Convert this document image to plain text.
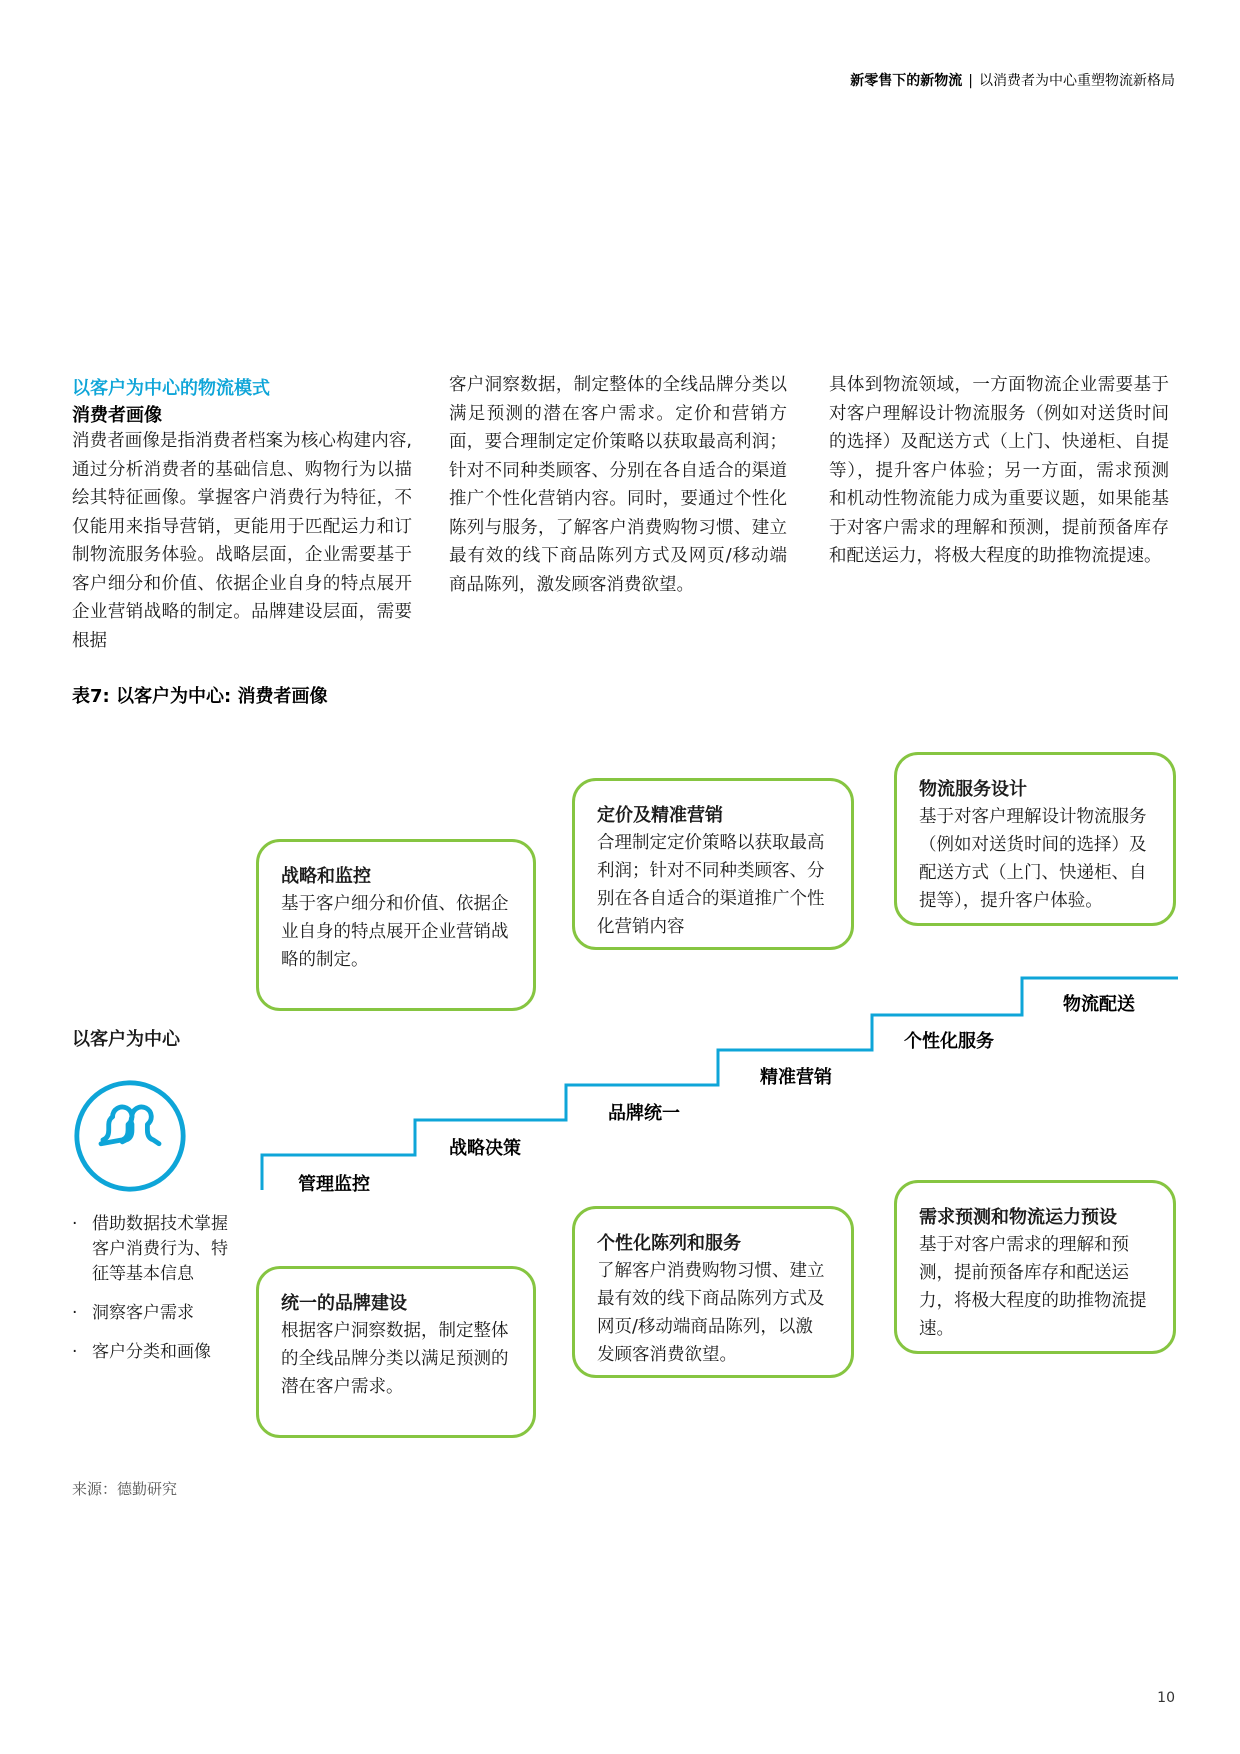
新零售下的新物流 | 以消费者为中心重塑物流新格局
以客户为中心的物流模式
消费者画像

消费者画像是指消费者档案为核心构建内容,通过分析消费者的基础信息、购物行为以描绘其特征画像。掌握客户消费行为特征，不仅能用来指导营销，更能用于匹配运力和订制物流服务体验。战略层面，企业需要基于客户细分和价值、依据企业自身的特点展开企业营销战略的制定。品牌建设层面，需要根据

客户洞察数据，制定整体的全线品牌分类以满足预测的潜在客户需求。定价和营销方面，要合理制定定价策略以获取最高利润；针对不同种类顾客、分别在各自适合的渠道推广个性化营销内容。同时，要通过个性化陈列与服务，了解客户消费购物习惯、建立最有效的线下商品陈列方式及网页/移动端商品陈列，激发顾客消费欲望。

具体到物流领域，一方面物流企业需要基于对客户理解设计物流服务（例如对送货时间的选择）及配送方式（上门、快递柜、自提等），提升客户体验；另一方面，需求预测和机动性物流能力成为重要议题，如果能基于对客户需求的理解和预测，提前预备库存和配送运力，将极大程度的助推物流提速。

表7: 以客户为中心: 消费者画像
战略和监控
基于客户细分和价值、依据企业自身的特点展开企业营销战略的制定。
定价及精准营销
合理制定定价策略以获取最高利润；针对不同种类顾客、分别在各自适合的渠道推广个性化营销内容
物流服务设计
基于对客户理解设计物流服务（例如对送货时间的选择）及配送方式（上门、快递柜、自提等），提升客户体验。
管理监控
战略决策
品牌统一
精准营销
个性化服务
物流配送
以客户为中心
· 借助数据技术掌握客户消费行为、特征等基本信息
· 洞察客户需求
· 客户分类和画像
统一的品牌建设
根据客户洞察数据，制定整体的全线品牌分类以满足预测的潜在客户需求。
个性化陈列和服务
了解客户消费购物习惯、建立最有效的线下商品陈列方式及网页/移动端商品陈列，以激发顾客消费欲望。
需求预测和物流运力预设
基于对客户需求的理解和预测，提前预备库存和配送运力，将极大程度的助推物流提速。
来源：德勤研究
10
